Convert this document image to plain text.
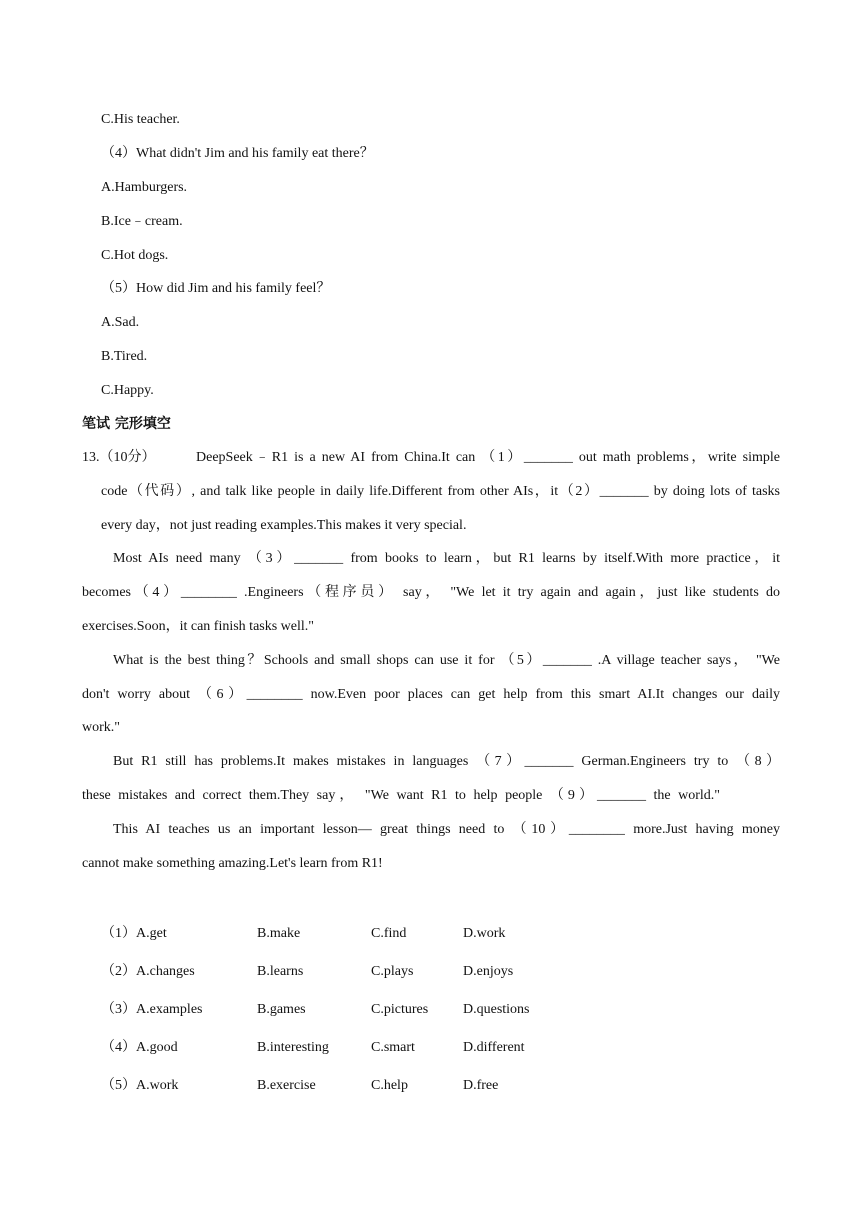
C.His teacher.
（4）What didn't Jim and his family eat there？
A.Hamburgers.
B.Ice﹣cream.
C.Hot dogs.
（5）How did Jim and his family feel？
A.Sad.
B.Tired.
C.Happy.
笔试 完形填空
13.（10分）	DeepSeek﹣R1 is a new AI from China.It can （1）_______ out math problems，write simple
code（代码）, and talk like people in daily life.Different from other AIs，it（2）_______ by doing lots of tasks
every day，not just reading examples.This makes it very special.
Most AIs need many （3）_______ from books to learn，but R1 learns by itself.With more practice，it
becomes（4）________ .Engineers（程序员） say， "We let it try again and again，just like students do
exercises.Soon，it can finish tasks well."
What is the best thing？Schools and small shops can use it for （5）_______ .A village teacher says， "We
don't worry about （6）________ now.Even poor places can get help from this smart AI.It changes our daily
work."
But R1 still has problems.It makes mistakes in languages （7）_______ German.Engineers try to （8）
these mistakes and correct them.They say， "We want R1 to help people （9）_______ the world."
This AI teaches us an important lesson— great things need to （10）________ more.Just having money
cannot make something amazing.Let's learn from R1!
（1）A.get	B.make	C.find	D.work
（2）A.changes	B.learns	C.plays	D.enjoys
（3）A.examples	B.games	C.pictures D.questions
（4）A.good	B.interesting	C.smart	D.different
（5）A.work	B.exercise	C.help	D.free
